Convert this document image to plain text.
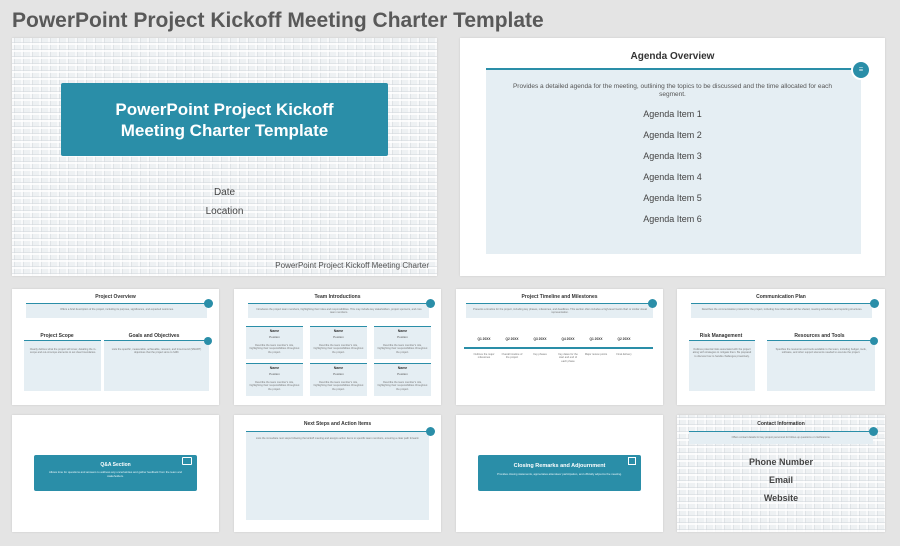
PowerPoint Project Kickoff Meeting Charter Template
PowerPoint Project Kickoff Meeting Charter Template
Date
Location
PowerPoint Project Kickoff Meeting Charter
Agenda Overview
☰
Provides a detailed agenda for the meeting, outlining the topics to be discussed and the time allocated for each segment.
Agenda Item 1
Agenda Item 2
Agenda Item 3
Agenda Item 4
Agenda Item 5
Agenda Item 6
Project Overview
Offers a brief description of the project, including its purpose, significance, and expected outcomes.
Project Scope
Clearly defines what the project will cover, detailing the in-scope and out-of-scope elements to set clear boundaries.
Goals and Objectives
Lists the specific, measurable, achievable, relevant, and time-bound (SMART) objectives that the project aims to fulfill.
Team Introductions
Introduces the project team members, highlighting their roles and responsibilities. This may include key stakeholders, project sponsors, and core team members.
Name
Position
Describe the team member's role, highlighting their responsibilities throughout the project.
Name
Position
Describe the team member's role, highlighting their responsibilities throughout the project.
Name
Position
Describe the team member's role, highlighting their responsibilities throughout the project.
Name
Position
Describe the team member's role, highlighting their responsibilities throughout the project.
Name
Position
Describe the team member's role, highlighting their responsibilities throughout the project.
Name
Position
Describe the team member's role, highlighting their responsibilities throughout the project.
Project Timeline and Milestones
Presents a timeline for the project, including key phases, milestones, and deadlines. This section often includes a high-level Gantt chart or similar visual representation.
Q1 20XX
Outlines the major milestones
Q2 20XX
Overall timeline of the project
Q3 20XX
Key phases
Q4 20XX
Key dates for the start and end of each phase
Q1 20XX
Major review points
Q2 20XX
Final delivery
Communication Plan
Describes the communication protocol for the project, including how information will be shared, meeting schedules, and reporting structures.
Risk Management
Outlines potential risks associated with the project along with strategies to mitigate them. Be prepared to discuss how to handle challenges proactively.
Resources and Tools
Specifies the resources and tools available to the team, including budget, tools, software, and other support elements needed to execute the project.
Q&A Section
Allows time for questions and answers to address any uncertainties and gather feedback from the team and stakeholders.
Next Steps and Action Items
Lists the immediate next steps following the kickoff meeting and assigns action items to specific team members, ensuring a clear path forward.
Closing Remarks and Adjournment
Provides closing statements, appreciates attendees' participation, and officially adjourns the meeting.
Contact Information
Offers contact details for key project personnel for follow-up questions or clarifications.
Phone Number
Email
Website
